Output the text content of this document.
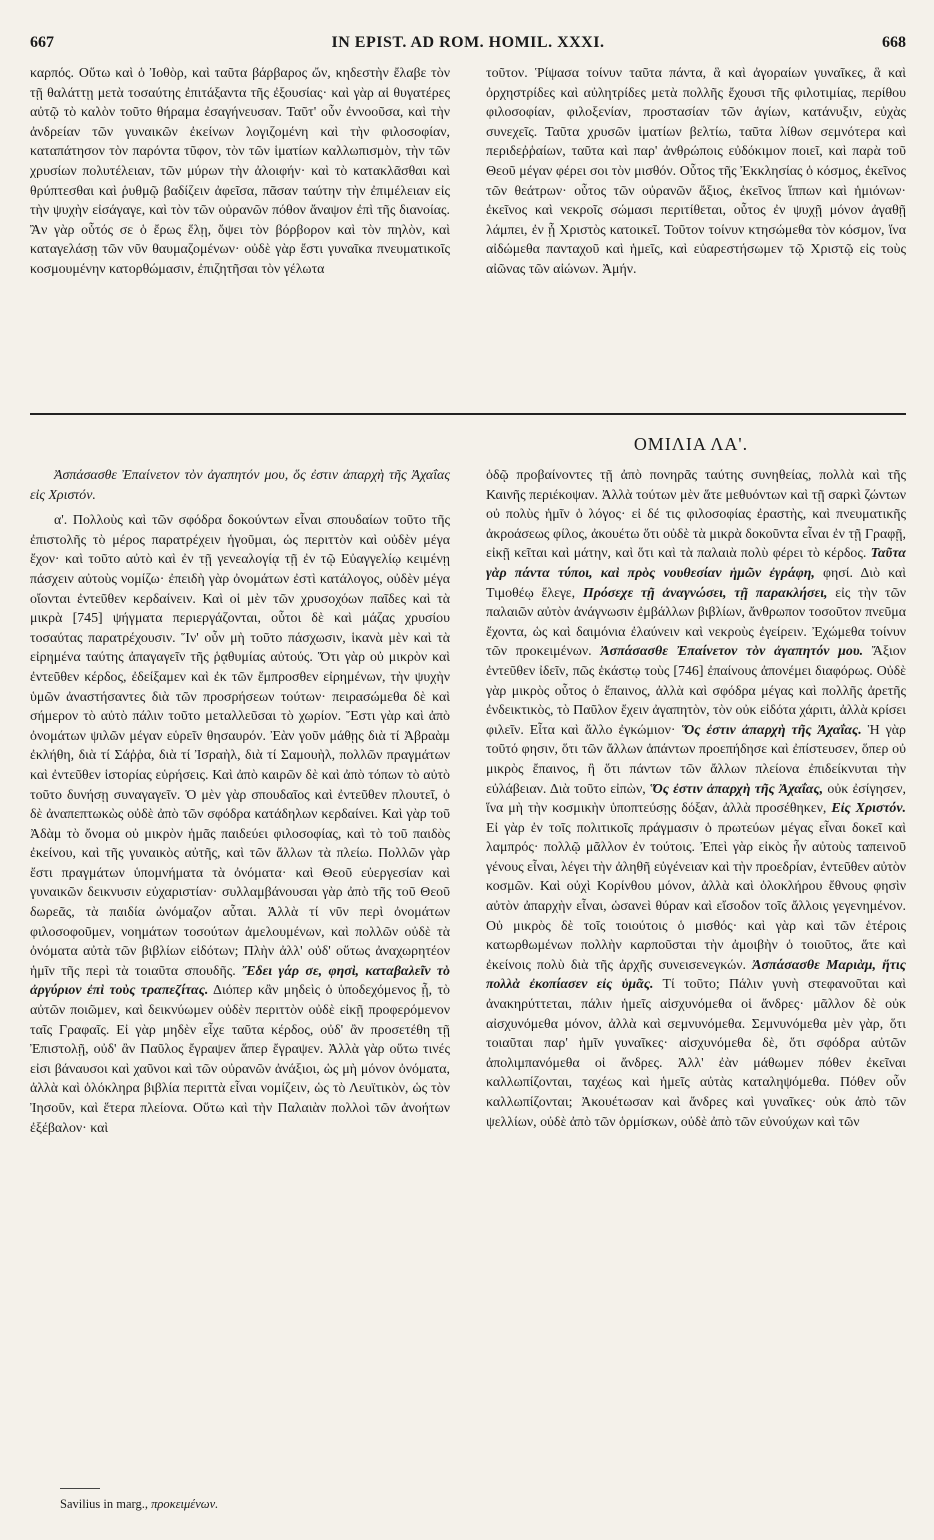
667	IN EPIST. AD ROM. HOMIL. XXXI.	668

καρπός. Οὕτω καὶ ὁ Ἰοθὸρ, καὶ ταῦτα βάρβαρος ὤν, κηδεστὴν ἔλαβε τὸν τῇ θαλάττῃ μετὰ τοσαύτης ἐπιτάξαντα τῆς ἐξουσίας· καὶ γὰρ αἱ θυγατέρες αὐτῷ τὸ καλὸν τοῦτο θήραμα ἐσαγήνευσαν. Ταῦτ' οὖν ἐννοοῦσα, καὶ τὴν ἀνδρείαν τῶν γυναικῶν ἐκείνων λογιζομένη καὶ τὴν φιλοσοφίαν, καταπάτησον τὸν παρόντα τῦφον, τὸν τῶν ἱματίων καλλωπισμὸν, τὴν τῶν χρυσίων πολυτέλειαν, τῶν μύρων τὴν ἀλοιφήν· καὶ τὸ κατακλᾶσθαι καὶ θρύπτεσθαι καὶ ῥυθμῷ βαδίζειν ἀφεῖσα, πᾶσαν ταύτην τὴν ἐπιμέλειαν εἰς τὴν ψυχὴν εἰσάγαγε, καὶ τὸν τῶν οὐρανῶν πόθον ἄναψον ἐπὶ τῆς διανοίας. Ἂν γὰρ οὗτός σε ὁ ἔρως ἕλῃ, ὄψει τὸν βόρβορον καὶ τὸν πηλὸν, καὶ καταγελάσῃ τῶν νῦν θαυμαζομένων· οὐδὲ γὰρ ἔστι γυναῖκα πνευματικοῖς κοσμουμένην κατορθώμασιν, ἐπιζητῆσαι τὸν γέλωτα

τοῦτον. Ῥίψασα τοίνυν ταῦτα πάντα, ἃ καὶ ἀγοραίων γυναῖκες, ἃ καὶ ὀρχηστρίδες καὶ αὐλητρίδες μετὰ πολλῆς ἔχουσι τῆς φιλοτιμίας, περίθου φιλοσοφίαν, φιλοξενίαν, προστασίαν τῶν ἁγίων, κατάνυξιν, εὐχὰς συνεχεῖς. Ταῦτα χρυσῶν ἱματίων βελτίω, ταῦτα λίθων σεμνότερα καὶ περιδεῤῥαίων, ταῦτα καὶ παρ' ἀνθρώποις εὐδόκιμον ποιεῖ, καὶ παρὰ τοῦ Θεοῦ μέγαν φέρει σοι τὸν μισθόν. Οὗτος τῆς Ἐκκλησίας ὁ κόσμος, ἐκεῖνος τῶν θεάτρων· οὗτος τῶν οὐρανῶν ἄξιος, ἐκεῖνος ἵππων καὶ ἡμιόνων· ἐκεῖνος καὶ νεκροῖς σώμασι περιτίθεται, οὗτος ἐν ψυχῇ μόνον ἀγαθῇ λάμπει, ἐν ᾗ Χριστὸς κατοικεῖ. Τοῦτον τοίνυν κτησώμεθα τὸν κόσμον, ἵνα αἰδώμεθα πανταχοῦ καὶ ἡμεῖς, καὶ εὐαρεστήσωμεν τῷ Χριστῷ εἰς τοὺς αἰῶνας τῶν αἰώνων. Ἀμήν.

ΟΜΙΛΙΑ ΛΑ'.

Ἀσπάσασθε Ἐπαίνετον τὸν ἀγαπητόν μου, ὅς ἐστιν ἀπαρχὴ τῆς Ἀχαΐας εἰς Χριστόν.

α'. Πολλοὺς καὶ τῶν σφόδρα δοκούντων εἶναι σπουδαίων τοῦτο τῆς ἐπιστολῆς τὸ μέρος παρατρέχειν ἡγοῦμαι, ὡς περιττὸν καὶ οὐδὲν μέγα ἔχον· καὶ τοῦτο αὐτὸ καὶ ἐν τῇ γενεαλογίᾳ τῇ ἐν τῷ Εὐαγγελίῳ κειμένῃ πάσχειν αὐτοὺς νομίζω· ἐπειδὴ γὰρ ὀνομάτων ἐστὶ κατάλογος, οὐδὲν μέγα οἴονται ἐντεῦθεν κερδαίνειν. Καὶ οἱ μὲν τῶν χρυσοχόων παῖδες καὶ τὰ μικρὰ [745] ψήγματα περιεργάζονται, οὗτοι δὲ καὶ μάζας χρυσίου τοσαύτας παρατρέχουσιν. Ἵν' οὖν μὴ τοῦτο πάσχωσιν, ἱκανὰ μὲν καὶ τὰ εἰρημένα ταύτης ἀπαγαγεῖν τῆς ῥᾳθυμίας αὐτούς. Ὅτι γὰρ οὐ μικρὸν καὶ ἐντεῦθεν κέρδος, ἐδείξαμεν καὶ ἐκ τῶν ἔμπροσθεν εἰρημένων, τὴν ψυχὴν ὑμῶν ἀναστήσαντες διὰ τῶν προσρήσεων τούτων· πειρασώμεθα δὲ καὶ σήμερον τὸ αὐτὸ πάλιν τοῦτο μεταλλεῦσαι τὸ χωρίον. Ἔστι γὰρ καὶ ἀπὸ ὀνομάτων ψιλῶν μέγαν εὑρεῖν θησαυρόν. Ἐὰν γοῦν μάθῃς διὰ τί Ἀβραὰμ ἐκλήθη, διὰ τί Σάῤῥα, διὰ τί Ἰσραὴλ, διὰ τί Σαμουὴλ, πολλῶν πραγμάτων καὶ ἐντεῦθεν ἱστορίας εὑρήσεις. Καὶ ἀπὸ καιρῶν δὲ καὶ ἀπὸ τόπων τὸ αὐτὸ τοῦτο δυνήσῃ συναγαγεῖν. Ὁ μὲν γὰρ σπουδαῖος καὶ ἐντεῦθεν πλουτεῖ, ὁ δὲ ἀναπεπτωκὼς οὐδὲ ἀπὸ τῶν σφόδρα κατάδηλων κερδαίνει. Καὶ γὰρ τοῦ Ἀδὰμ τὸ ὄνομα οὐ μικρὸν ἡμᾶς παιδεύει φιλοσοφίας, καὶ τὸ τοῦ παιδὸς ἐκείνου, καὶ τῆς γυναικὸς αὐτῆς, καὶ τῶν ἄλλων τὰ πλείω. Πολλῶν γὰρ ἔστι πραγμάτων ὑπομνήματα τὰ ὀνόματα· καὶ Θεοῦ εὐεργεσίαν καὶ γυναικῶν δεικνυσιν εὐχαριστίαν· συλλαμβάνουσαι γὰρ ἀπὸ τῆς τοῦ Θεοῦ δωρεᾶς, τὰ παιδία ὠνόμαζον αὗται. Ἀλλὰ τί νῦν περὶ ὀνομάτων φιλοσοφοῦμεν, νοημάτων τοσούτων ἀμελουμένων, καὶ πολλῶν οὐδὲ τὰ ὀνόματα αὐτὰ τῶν βιβλίων εἰδότων; Πλὴν ἀλλ' οὐδ' οὕτως ἀναχωρητέον ἡμῖν τῆς περὶ τὰ τοιαῦτα σπουδῆς. Ἔδει γάρ σε, φησὶ, καταβαλεῖν τὸ ἀργύριον ἐπὶ τοὺς τραπεζίτας. Διόπερ κἂν μηδεὶς ὁ ὑποδεχόμενος ᾖ, τὸ αὐτῶν ποιῶμεν, καὶ δεικνύωμεν οὐδὲν περιττὸν οὐδὲ εἰκῇ προφερόμενον ταῖς Γραφαῖς. Εἰ γὰρ μηδὲν εἶχε ταῦτα κέρδος, οὐδ' ἂν προσετέθη τῇ Ἐπιστολῇ, οὐδ' ἂν Παῦλος ἔγραψεν ἅπερ ἔγραψεν. Ἀλλὰ γὰρ οὕτω τινές εἰσι βάναυσοι καὶ χαῦνοι καὶ τῶν οὐρανῶν ἀνάξιοι, ὡς μὴ μόνον ὀνόματα, ἀλλὰ καὶ ὁλόκληρα βιβλία περιττὰ εἶναι νομίζειν, ὡς τὸ Λευϊτικὸν, ὡς τὸν Ἰησοῦν, καὶ ἕτερα πλείονα. Οὕτω καὶ τὴν Παλαιὰν πολλοὶ τῶν ἀνοήτων ἐξέβαλον· καὶ

ὁδῷ προβαίνοντες τῇ ἀπὸ πονηρᾶς ταύτης συνηθείας, πολλὰ καὶ τῆς Καινῆς περιέκοψαν. Ἀλλὰ τούτων μὲν ἅτε μεθυόντων καὶ τῇ σαρκὶ ζώντων οὐ πολὺς ἡμῖν ὁ λόγος· εἰ δέ τις φιλοσοφίας ἐραστὴς, καὶ πνευματικῆς ἀκροάσεως φίλος, ἀκουέτω ὅτι οὐδὲ τὰ μικρὰ δοκοῦντα εἶναι ἐν τῇ Γραφῇ, εἰκῇ κεῖται καὶ μάτην, καὶ ὅτι καὶ τὰ παλαιὰ πολὺ φέρει τὸ κέρδος. Ταῦτα γὰρ πάντα τύποι, καὶ πρὸς νουθεσίαν ἡμῶν ἐγράφη, φησί. Διὸ καὶ Τιμοθέῳ ἔλεγε, Πρόσεχε τῇ ἀναγνώσει, τῇ παρακλήσει, εἰς τὴν τῶν παλαιῶν αὐτὸν ἀνάγνωσιν ἐμβάλλων βιβλίων, ἄνθρωπον τοσοῦτον πνεῦμα ἔχοντα, ὡς καὶ δαιμόνια ἐλαύνειν καὶ νεκροὺς ἐγείρειν. Ἐχώμεθα τοίνυν τῶν προκειμένων. Ἀσπάσασθε Ἐπαίνετον τὸν ἀγαπητόν μου. Ἄξιον ἐντεῦθεν ἰδεῖν, πῶς ἑκάστῳ τοὺς [746] ἐπαίνους ἀπονέμει διαφόρως. Οὐδὲ γὰρ μικρὸς οὗτος ὁ ἔπαινος, ἀλλὰ καὶ σφόδρα μέγας καὶ πολλῆς ἀρετῆς ἐνδεικτικὸς, τὸ Παῦλον ἔχειν ἀγαπητὸν, τὸν οὐκ εἰδότα χάριτι, ἀλλὰ κρίσει φιλεῖν. Εἶτα καὶ ἄλλο ἐγκώμιον· Ὅς ἐστιν ἀπαρχὴ τῆς Ἀχαΐας. Ἡ γὰρ τοῦτό φησιν, ὅτι τῶν ἄλλων ἁπάντων προεπήδησε καὶ ἐπίστευσεν, ὅπερ οὐ μικρὸς ἔπαινος, ἢ ὅτι πάντων τῶν ἄλλων πλείονα ἐπιδείκνυται τὴν εὐλάβειαν. Διὰ τοῦτο εἰπὼν, Ὅς ἐστιν ἀπαρχὴ τῆς Ἀχαΐας, οὐκ ἐσίγησεν, ἵνα μὴ τὴν κοσμικὴν ὑποπτεύσῃς δόξαν, ἀλλὰ προσέθηκεν, Εἰς Χριστόν. Εἰ γὰρ ἐν τοῖς πολιτικοῖς πράγμασιν ὁ πρωτεύων μέγας εἶναι δοκεῖ καὶ λαμπρός· πολλῷ μᾶλλον ἐν τούτοις. Ἐπεὶ γὰρ εἰκὸς ἦν αὐτοὺς ταπεινοῦ γένους εἶναι, λέγει τὴν ἀληθῆ εὐγένειαν καὶ τὴν προεδρίαν, ἐντεῦθεν αὐτὸν κοσμῶν. Καὶ οὐχὶ Κορίνθου μόνον, ἀλλὰ καὶ ὁλοκλήρου ἔθνους φησὶν αὐτὸν ἀπαρχὴν εἶναι, ὡσανεὶ θύραν καὶ εἴσοδον τοῖς ἄλλοις γεγενημένον. Οὐ μικρὸς δὲ τοῖς τοιούτοις ὁ μισθός· καὶ γὰρ καὶ τῶν ἑτέροις κατωρθωμένων πολλὴν καρποῦσται τὴν ἀμοιβὴν ὁ τοιοῦτος, ἅτε καὶ ἐκείνοις πολὺ διὰ τῆς ἀρχῆς συνεισενεγκών. Ἀσπάσασθε Μαριὰμ, ἥτις πολλὰ ἐκοπίασεν εἰς ὑμᾶς. Τί τοῦτο; Πάλιν γυνὴ στεφανοῦται καὶ ἀνακηρύττεται, πάλιν ἡμεῖς αἰσχυνόμεθα οἱ ἄνδρες· μᾶλλον δὲ οὐκ αἰσχυνόμεθα μόνον, ἀλλὰ καὶ σεμνυνόμεθα. Σεμνυνόμεθα μὲν γὰρ, ὅτι τοιαῦται παρ' ἡμῖν γυναῖκες· αἰσχυνόμεθα δὲ, ὅτι σφόδρα αὐτῶν ἀπολιμπανόμεθα οἱ ἄνδρες. Ἀλλ' ἐὰν μάθωμεν πόθεν ἐκεῖναι καλλωπίζονται, ταχέως καὶ ἡμεῖς αὐτὰς καταληψόμεθα. Πόθεν οὖν καλλωπίζονται; Ἀκουέτωσαν καὶ ἄνδρες καὶ γυναῖκες· οὐκ ἀπὸ τῶν ψελλίων, οὐδὲ ἀπὸ τῶν ὁρμίσκων, οὐδὲ ἀπὸ τῶν εὐνούχων καὶ τῶν

Savilius in marg., προκειμένων.
